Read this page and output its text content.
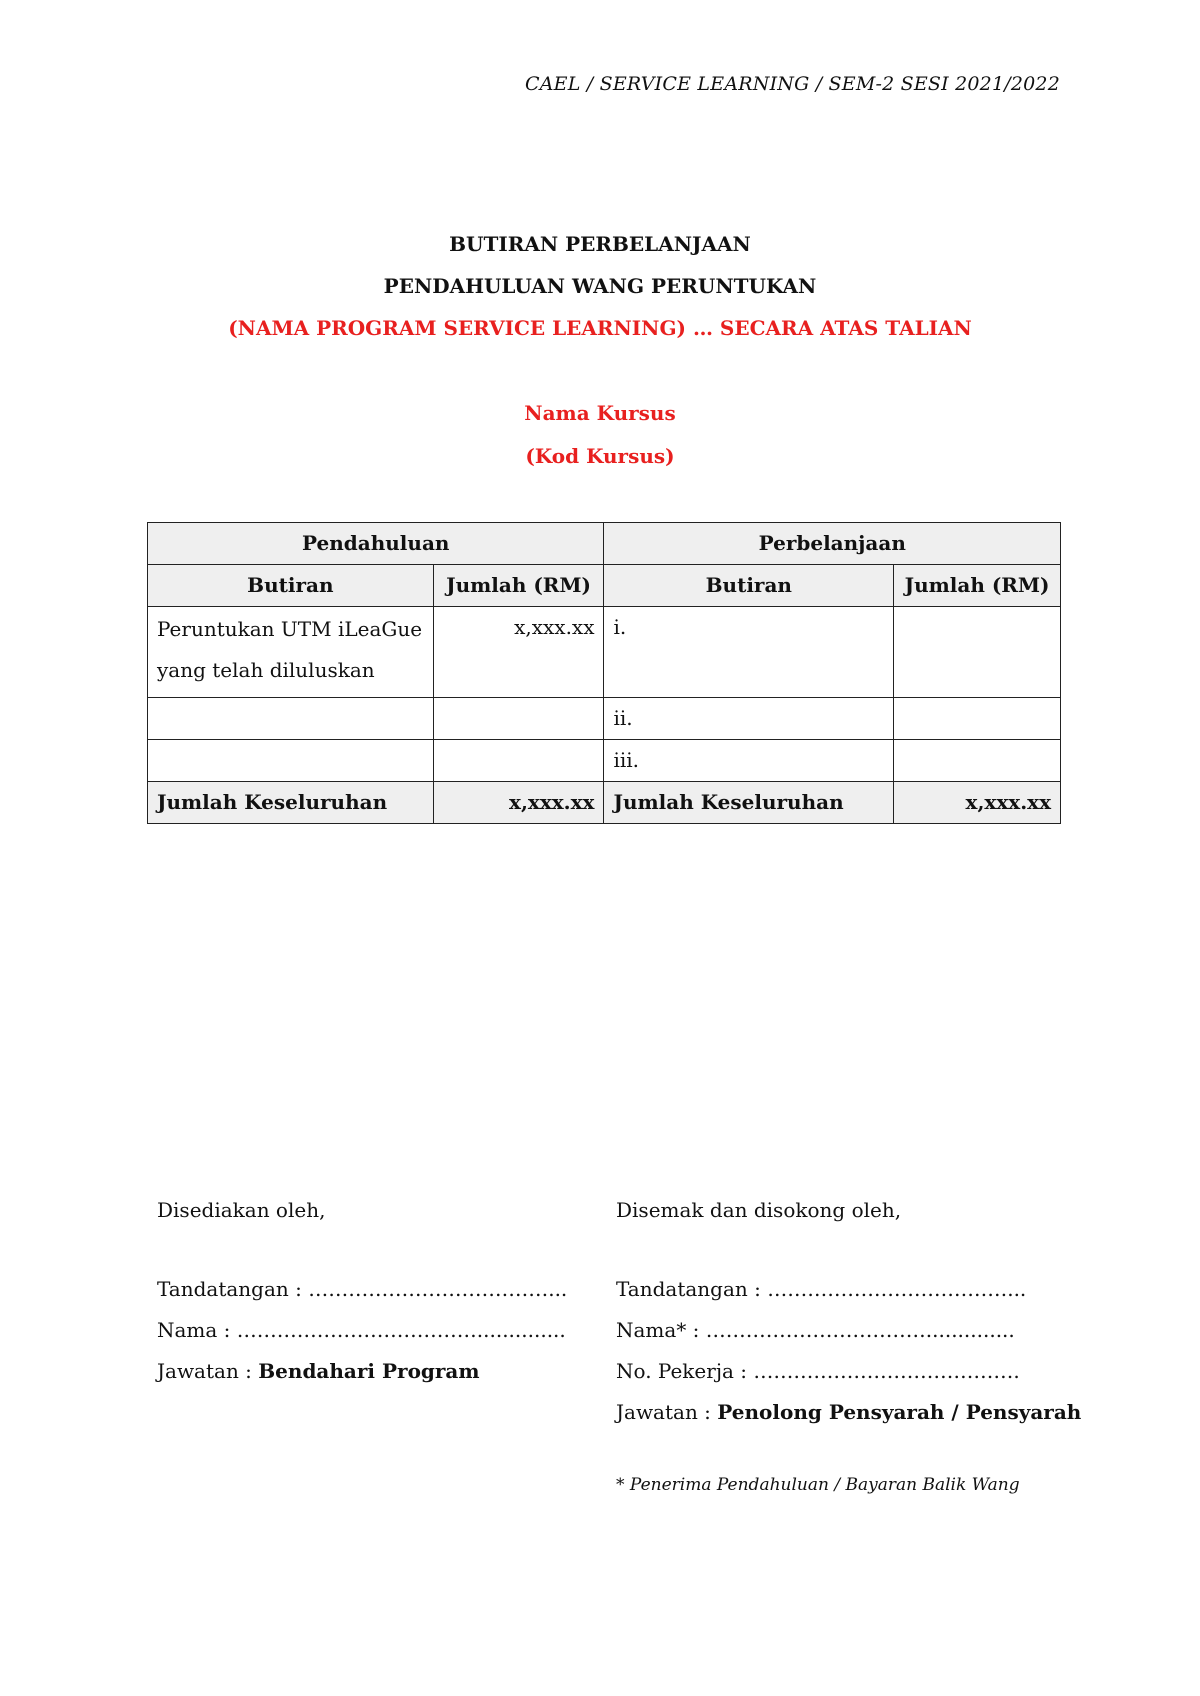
CAEL / SERVICE LEARNING / SEM-2 SESI 2021/2022
BUTIRAN PERBELANJAAN
PENDAHULUAN WANG PERUNTUKAN
(NAMA PROGRAM SERVICE LEARNING) … SECARA ATAS TALIAN
Nama Kursus
(Kod Kursus)
Pendahuluan		Perbelanjaan	
Butiran	Jumlah (RM)	Butiran	Jumlah (RM)
Peruntukan UTM iLeaGue yang telah diluluskan	x,xxx.xx	i.	
		ii.	
		iii.	
Jumlah Keseluruhan	x,xxx.xx	Jumlah Keseluruhan	x,xxx.xx
Disediakan oleh,
Tandatangan : ………………………………...
Nama : ………………………………..............
Jawatan : Bendahari Program
Disemak dan disokong oleh,
Tandatangan : ………………………………...
Nama* : ……………………………..............
No. Pekerja : ………………………………….
Jawatan : Penolong Pensyarah / Pensyarah
* Penerima Pendahuluan / Bayaran Balik Wang
